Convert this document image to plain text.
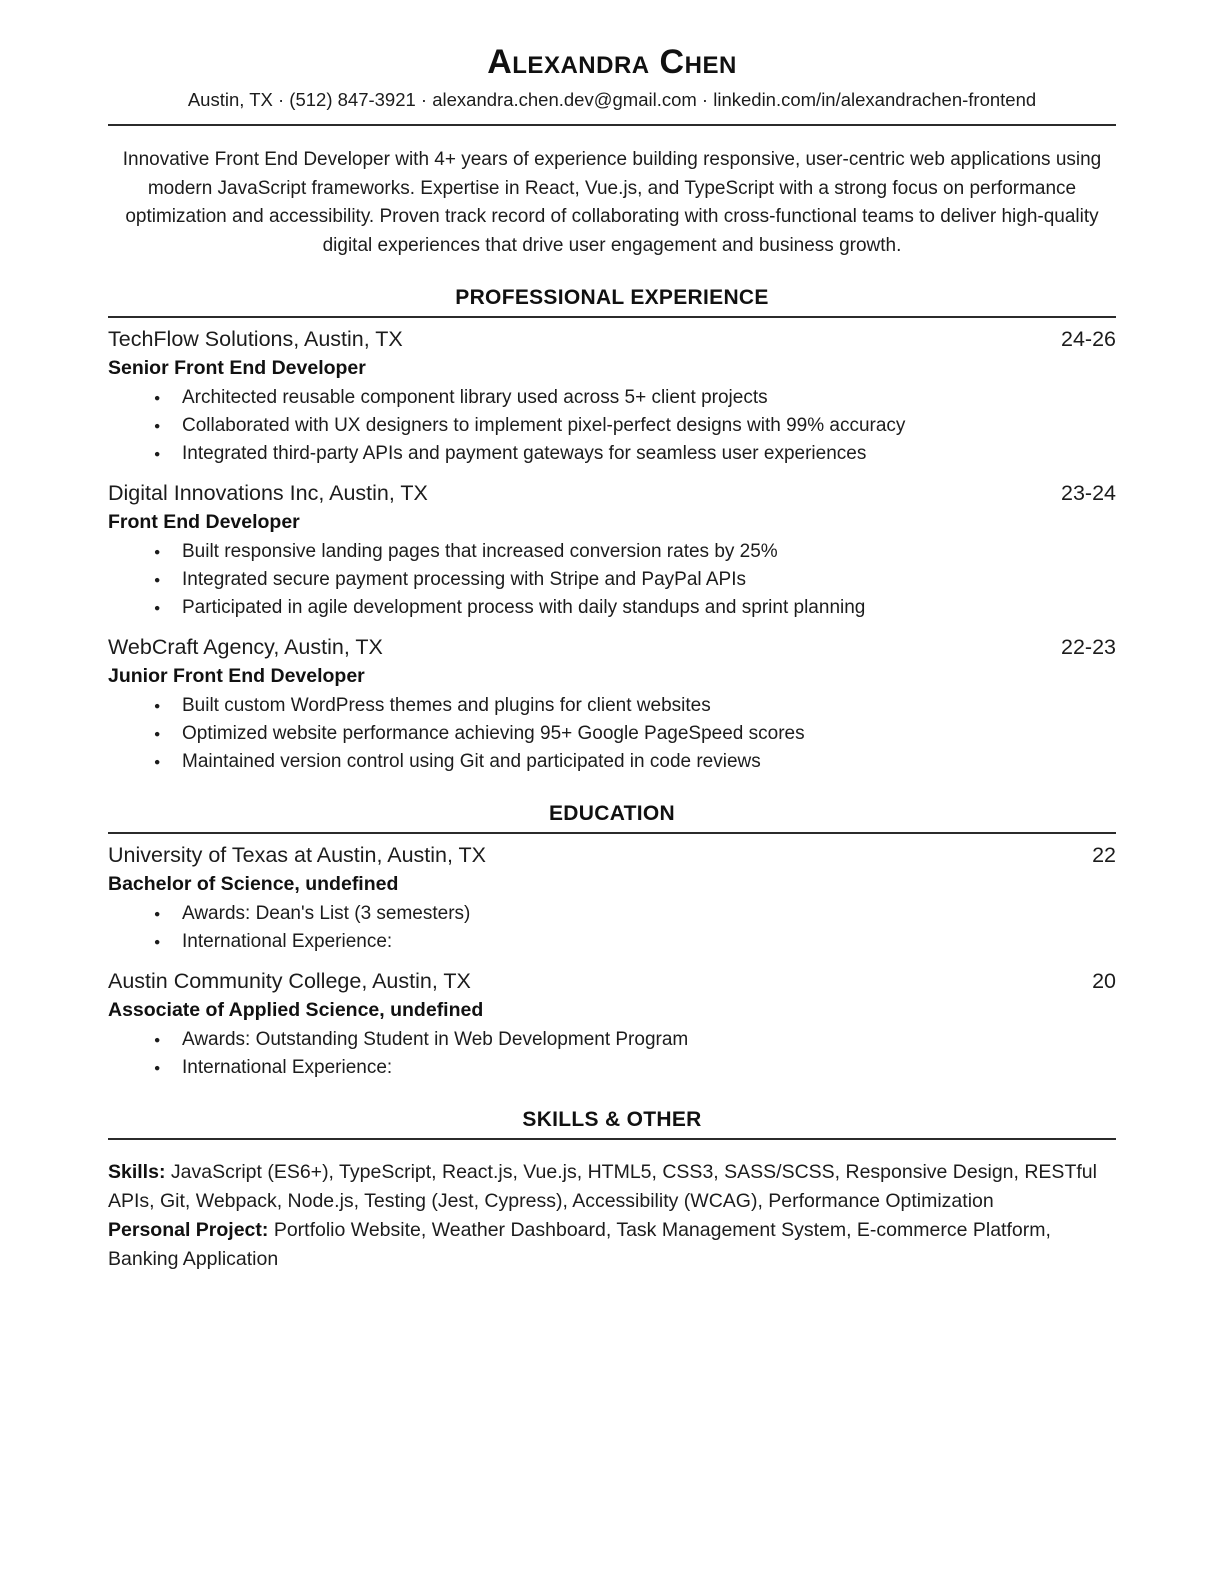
Alexandra Chen
Austin, TX · (512) 847-3921 · alexandra.chen.dev@gmail.com · linkedin.com/in/alexandrachen-frontend

Innovative Front End Developer with 4+ years of experience building responsive, user-centric web applications using modern JavaScript frameworks. Expertise in React, Vue.js, and TypeScript with a strong focus on performance optimization and accessibility. Proven track record of collaborating with cross-functional teams to deliver high-quality digital experiences that drive user engagement and business growth.

PROFESSIONAL EXPERIENCE
TechFlow Solutions, Austin, TX	24-26
Senior Front End Developer
● Architected reusable component library used across 5+ client projects
● Collaborated with UX designers to implement pixel-perfect designs with 99% accuracy
● Integrated third-party APIs and payment gateways for seamless user experiences
Digital Innovations Inc, Austin, TX	23-24
Front End Developer
● Built responsive landing pages that increased conversion rates by 25%
● Integrated secure payment processing with Stripe and PayPal APIs
● Participated in agile development process with daily standups and sprint planning
WebCraft Agency, Austin, TX	22-23
Junior Front End Developer
● Built custom WordPress themes and plugins for client websites
● Optimized website performance achieving 95+ Google PageSpeed scores
● Maintained version control using Git and participated in code reviews
EDUCATION
University of Texas at Austin, Austin, TX	22
Bachelor of Science, undefined
● Awards: Dean's List (3 semesters)
● International Experience:
Austin Community College, Austin, TX	20
Associate of Applied Science, undefined
● Awards: Outstanding Student in Web Development Program
● International Experience:
SKILLS & OTHER

Skills: JavaScript (ES6+), TypeScript, React.js, Vue.js, HTML5, CSS3, SASS/SCSS, Responsive Design, RESTful APIs, Git, Webpack, Node.js, Testing (Jest, Cypress), Accessibility (WCAG), Performance Optimization

Personal Project: Portfolio Website, Weather Dashboard, Task Management System, E-commerce Platform, Banking Application
